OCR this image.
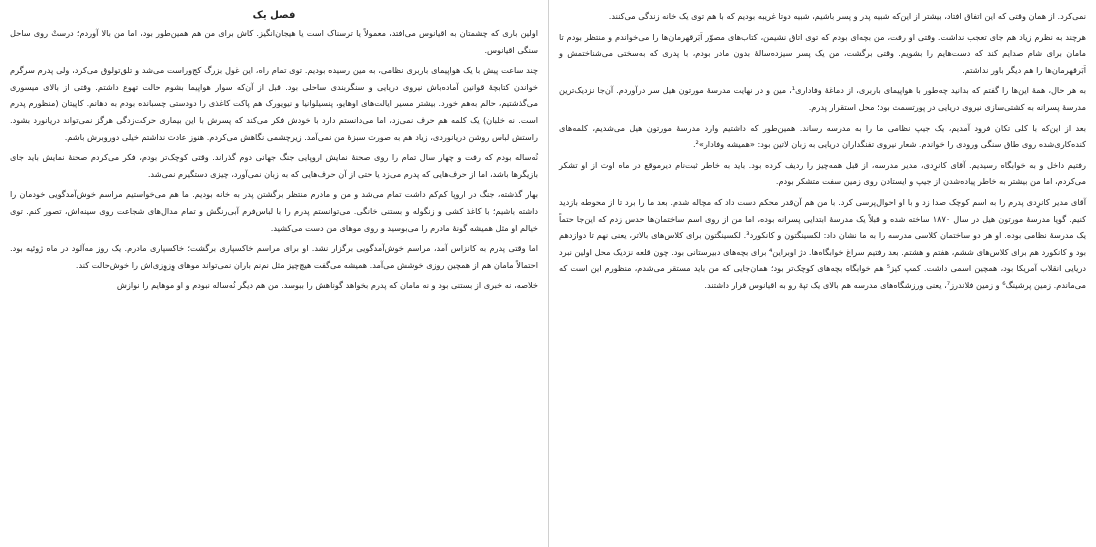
نمی‌کرد. از همان وقتی که این اتفاق افتاد، بیشتر از این‌که شبیه پدر و پسر باشیم، شبیه دوتا غریبه بودیم که با هم توی یک خانه زندگی می‌کنند.

هرچند به نظرم زیاد هم جای تعجب نداشت. وقتی او رفت، من بچه‌ای بودم که توی اتاق نشیمن، کتاب‌های مصوّر اَبَرقهرمان‌ها را می‌خواندم و منتظر بودم تا مامان برای شام صدایم کند که دست‌هایم را بشویم. وقتی برگشت، من یک پسر سیزده‌سالهٔ بدون مادر بودم، با پدری که به‌سختی می‌شناختمش و اَبَرقهرمان‌ها را هم دیگر باور نداشتم.

به هر حال، همهٔ این‌ها را گفتم که بدانید چه‌طور با هواپیمای باربری، از دماغهٔ وفاداری¹، مین و در نهایت مدرسهٔ مورتون هیل سر درآوردم. آن‌جا نزدیک‌ترین مدرسهٔ پسرانه به کشتی‌سازی نیروی دریایی در پورتسمث بود؛ محل استقرار پدرم.

بعد از این‌که با کلی تکان فرود آمدیم، یک جیپ نظامی ما را به مدرسه رساند. همین‌طور که داشتیم وارد مدرسهٔ مورتون هیل می‌شدیم، کلمه‌های کنده‌کاری‌شده روی طاق سنگی ورودی را خواندم. شعار نیروی تفنگداران دریایی به زبان لاتین بود: «همیشه وفادار»².

رفتیم داخل و به خوابگاه رسیدیم. آقای کانرِدی، مدیر مدرسه، از قبل همه‌چیز را ردیف کرده بود. باید به خاطر ثبت‌نام دیرموقع در ماه اوت از او تشکر می‌کردم، اما من بیشتر به خاطر پیاده‌شدن از جیپ و ایستادن روی زمین سفت متشکر بودم.

آقای مدیر کانرِدی پدرم را به اسم کوچک صدا زد و با او احوال‌پرسی کرد. با من هم آن‌قدر محکم دست داد که مچاله شدم. بعد ما را برد تا از محوطه بازدید کنیم. گویا مدرسهٔ مورتون هیل در سال ۱۸۷۰ ساخته شده و قبلاً یک مدرسهٔ ابتدایی پسرانه بوده، اما من از روی اسم ساختمان‌ها حدس زدم که این‌جا حتماً یک مدرسهٔ نظامی بوده. او هر دو ساختمان کلاسی مدرسه را به ما نشان داد: لکسینگتون و کانکورد³. لکسینگتون برای کلاس‌های بالاتر، یعنی نهم تا دوازدهم بود و کانکورد هم برای کلاس‌های ششم، هفتم و هشتم. بعد رفتیم سراغ خوابگاه‌ها. دژ اوبراین⁴ برای بچه‌های دبیرستانی بود. چون قلعه نزدیک محل اولین نبرد دریایی انقلاب آمریکا بود، همچین اسمی داشت. کمپ کیز⁵ هم خوابگاه بچه‌های کوچک‌تر بود؛ همان‌جایی که من باید مستقر می‌شدم، منظورم این است که می‌ماندم. زمین پرشینگ⁶ و زمین فلاندرز⁷، یعنی ورزشگاه‌های مدرسه هم بالای یک تپهٔ رو به اقیانوس قرار داشتند.

فصل یک

اولین باری که چشمتان به اقیانوس می‌افتد، معمولاً یا ترسناک است یا هیجان‌انگیز. کاش برای من هم همین‌طور بود، اما من بالا آوردم؛ درستْ روی ساحل سنگی اقیانوس.

چند ساعت پیش با یک هواپیمای باربری نظامی، به مین رسیده بودیم. توی تمام راه، این غول بزرگ کج‌وراست می‌شد و تلق‌تولوق می‌کرد، ولی پدرم سرگرم خواندن کتابچهٔ قوانین آماده‌باش نیروی دریایی و سنگربندی ساحلی بود. قبل از آن‌که سوار هواپیما بشوم حالت تهوع داشتم. وقتی از بالای میسوری می‌گذشتیم، حالم به‌هم خورد. بیشتر مسیر ایالت‌های اوهایو، پنسیلوانیا و نیویورک هم پاکت کاغذی را دودستی چسبانده بودم به دهانم. کاپیتان (منظورم پدرم است. نه خلبان) یک کلمه هم حرف نمی‌زد، اما می‌دانستم دارد با خودش فکر می‌کند که پسرش با این بیماری حرکت‌زدگی هرگز نمی‌تواند دریانورد بشود. راستش لباس روشن دریانوردی، زیاد هم به صورت سبزهٔ من نمی‌آمد. زیرچشمی نگاهش می‌کردم. هنوز عادت نداشتم خیلی دوروبرش باشم.

نُه‌ساله بودم که رفت و چهار سال تمام را روی صحنهٔ نمایش اروپایی جنگ جهانی دوم گذراند. وقتی کوچک‌تر بودم، فکر می‌کردم صحنهٔ نمایش باید جای بازیگرها باشد، اما از حرف‌هایی که پدرم می‌زد یا حتی از آن حرف‌هایی که به زبان نمی‌آورد، چیزی دستگیرم نمی‌شد.

بهار گذشته، جنگ در اروپا کم‌کم داشت تمام می‌شد و من و مادرم منتظر برگشتن پدر به خانه بودیم. ما هم می‌خواستیم مراسم خوش‌آمدگویی خودمان را داشته باشیم؛ با کاغذ کشی و زنگوله و بستنی خانگی. می‌توانستم پدرم را با لباس‌فرم آبی‌رنگش و تمام مدال‌های شجاعت روی سینه‌اش، تصور کنم. توی خیالم او مثل همیشه گونهٔ مادرم را می‌بوسید و روی موهای من دست می‌کشید.

اما وقتی پدرم به کانزاس آمد، مراسم خوش‌آمدگویی برگزار نشد. او برای مراسم خاکسپاری برگشت؛ خاکسپاری مادرم. یک روز مه‌آلود در ماه ژوئیه بود. احتمالاً مامان هم از همچین روزی خوشش می‌آمد. همیشه می‌گفت هیچ‌چیز مثل نم‌نم باران نمی‌تواند موهای وِزوِزی‌اش را خوش‌حالت کند.

خلاصه، نه خبری از بستنی بود و نه مامان که پدرم بخواهد گوناهش را ببوسد. من هم دیگر نُه‌ساله نبودم و او موهایم را نوازش
